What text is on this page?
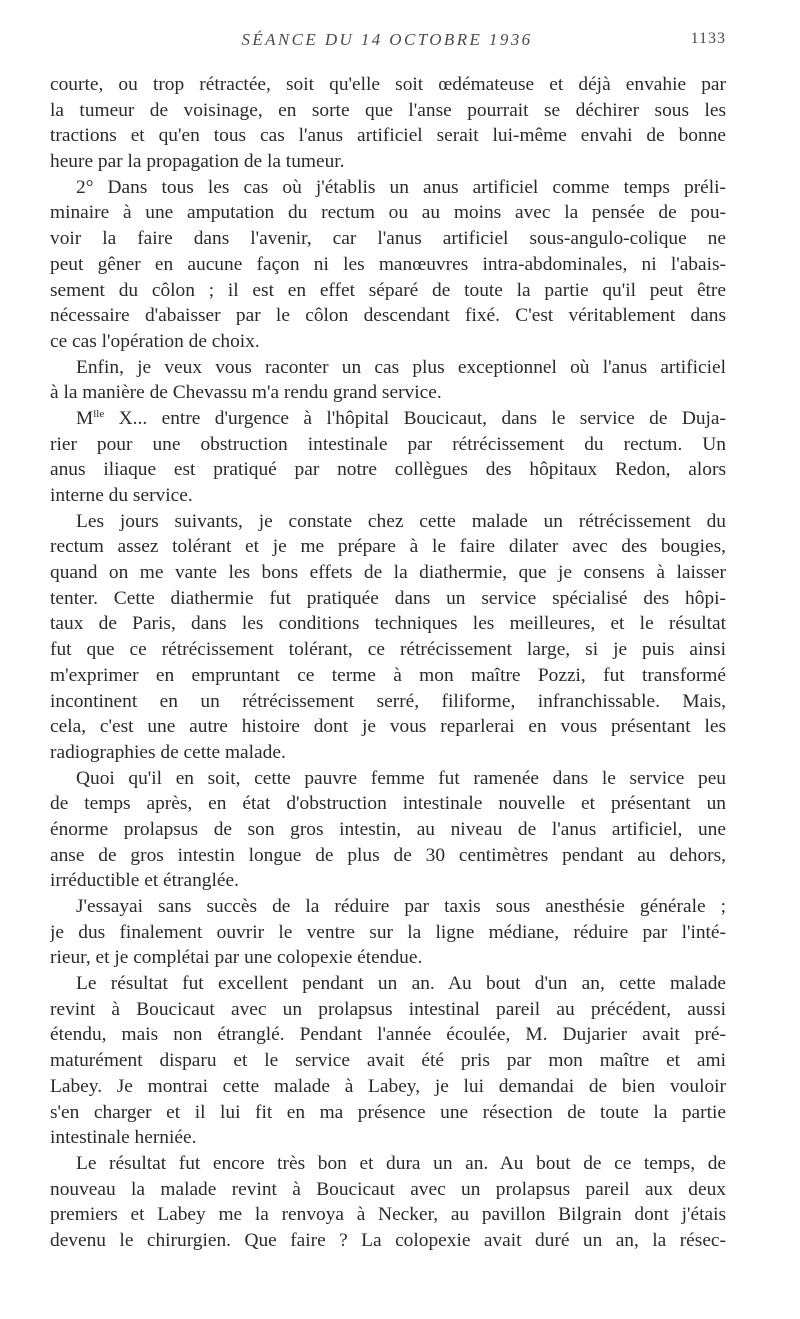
SÉANCE DU 14 OCTOBRE 1936	1133
courte, ou trop rétractée, soit qu'elle soit œdémateuse et déjà envahie par
la tumeur de voisinage, en sorte que l'anse pourrait se déchirer sous les
tractions et qu'en tous cas l'anus artificiel serait lui-même envahi de bonne
heure par la propagation de la tumeur.
2° Dans tous les cas où j'établis un anus artificiel comme temps préli-
minaire à une amputation du rectum ou au moins avec la pensée de pou-
voir la faire dans l'avenir, car l'anus artificiel sous-angulo-colique ne
peut gêner en aucune façon ni les manœuvres intra-abdominales, ni l'abais-
sement du côlon ; il est en effet séparé de toute la partie qu'il peut être
nécessaire d'abaisser par le côlon descendant fixé. C'est véritablement dans
ce cas l'opération de choix.
Enfin, je veux vous raconter un cas plus exceptionnel où l'anus artificiel
à la manière de Chevassu m'a rendu grand service.
$M^{lle}$ X... entre d'urgence à l'hôpital Boucicaut, dans le service de Duja-
rier pour une obstruction intestinale par rétrécissement du rectum. Un
anus iliaque est pratiqué par notre collègues des hôpitaux Redon, alors
interne du service.
Les jours suivants, je constate chez cette malade un rétrécissement du
rectum assez tolérant et je me prépare à le faire dilater avec des bougies,
quand on me vante les bons effets de la diathermie, que je consens à laisser
tenter. Cette diathermie fut pratiquée dans un service spécialisé des hôpi-
taux de Paris, dans les conditions techniques les meilleures, et le résultat
fut que ce rétrécissement tolérant, ce rétrécissement large, si je puis ainsi
m'exprimer en empruntant ce terme à mon maître Pozzi, fut transformé
incontinent en un rétrécissement serré, filiforme, infranchissable. Mais,
cela, c'est une autre histoire dont je vous reparlerai en vous présentant les
radiographies de cette malade.
Quoi qu'il en soit, cette pauvre femme fut ramenée dans le service peu
de temps après, en état d'obstruction intestinale nouvelle et présentant un
énorme prolapsus de son gros intestin, au niveau de l'anus artificiel, une
anse de gros intestin longue de plus de 30 centimètres pendant au dehors,
irréductible et étranglée.
J'essayai sans succès de la réduire par taxis sous anesthésie générale ;
je dus finalement ouvrir le ventre sur la ligne médiane, réduire par l'inté-
rieur, et je complétai par une colopexie étendue.
Le résultat fut excellent pendant un an. Au bout d'un an, cette malade
revint à Boucicaut avec un prolapsus intestinal pareil au précédent, aussi
étendu, mais non étranglé. Pendant l'année écoulée, M. Dujarier avait pré-
maturément disparu et le service avait été pris par mon maître et ami
Labey. Je montrai cette malade à Labey, je lui demandai de bien vouloir
s'en charger et il lui fit en ma présence une résection de toute la partie
intestinale herniée.
Le résultat fut encore très bon et dura un an. Au bout de ce temps, de
nouveau la malade revint à Boucicaut avec un prolapsus pareil aux deux
premiers et Labey me la renvoya à Necker, au pavillon Bilgrain dont j'étais
devenu le chirurgien. Que faire ? La colopexie avait duré un an, la résec-
